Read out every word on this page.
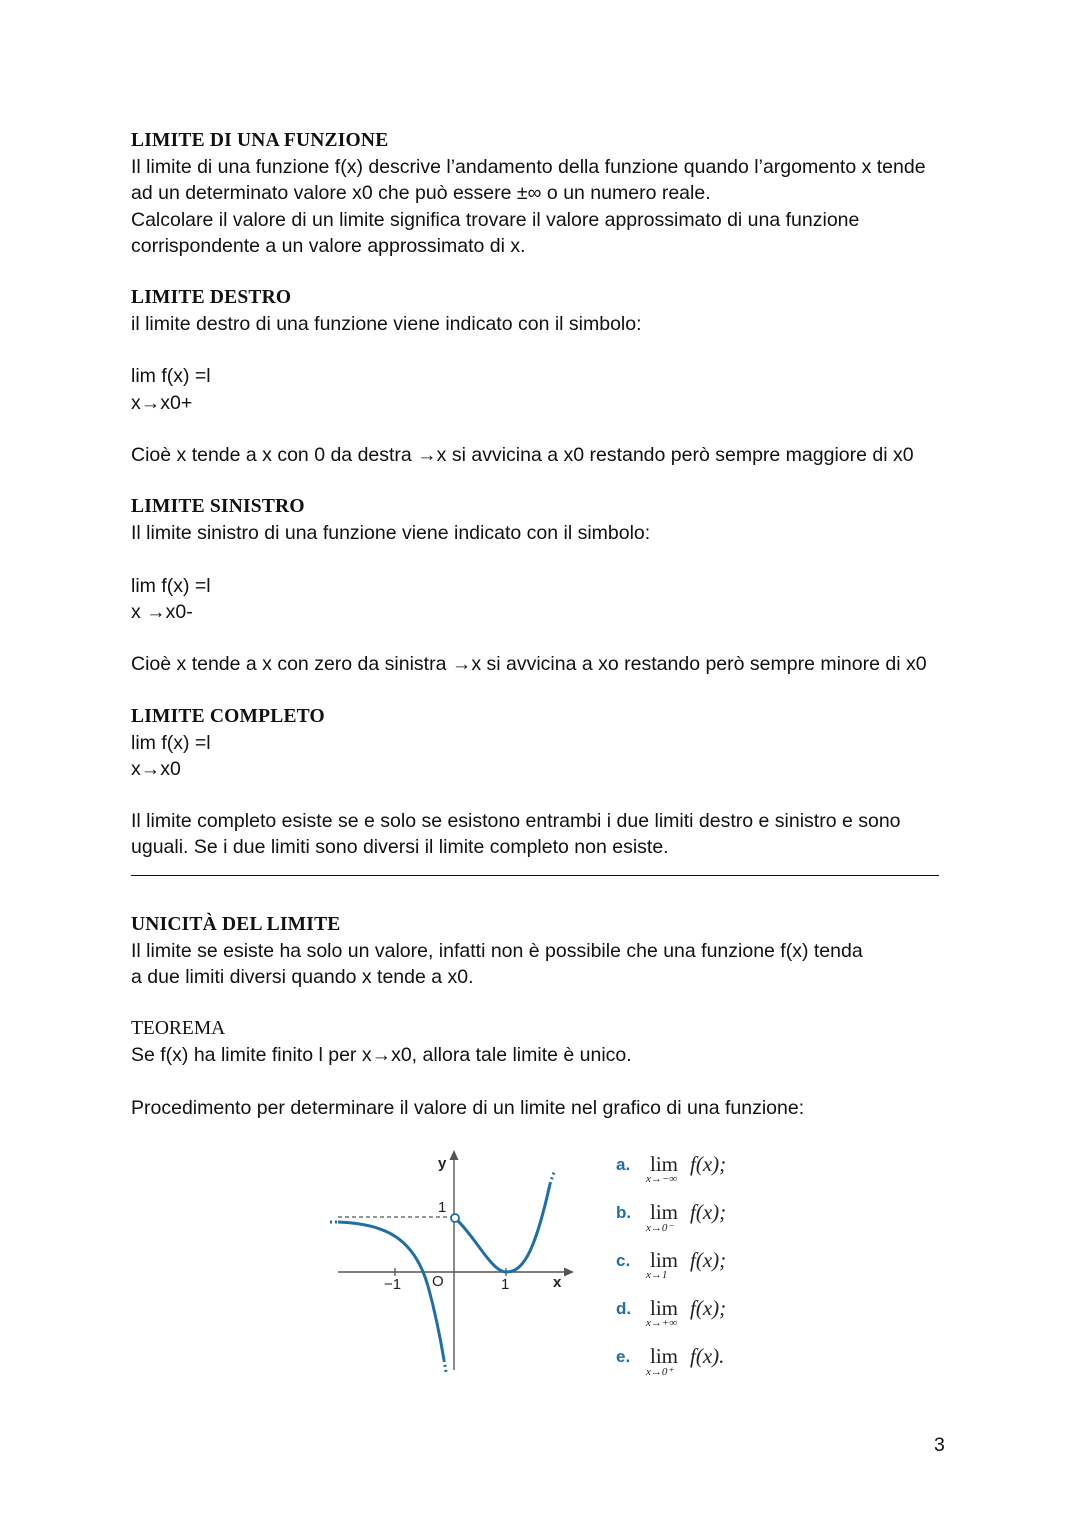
LIMITE DI UNA FUNZIONE

Il limite di una funzione f(x) descrive l’andamento della funzione quando l’argomento x tende

ad un determinato valore x0 che può essere ±∞ o un numero reale.

Calcolare il valore di un limite significa trovare il valore approssimato di una funzione

corrispondente a un valore approssimato di x.

LIMITE DESTRO

il limite destro di una funzione viene indicato con il simbolo:

lim f(x) =l

x→x0+

Cioè x tende a x con 0 da destra →x si avvicina a x0 restando però sempre maggiore di x0

LIMITE SINISTRO

Il limite sinistro di una funzione viene indicato con il simbolo:

lim f(x) =l

x →x0-

Cioè x tende a x con zero da sinistra →x si avvicina a xo restando però sempre minore di x0

LIMITE COMPLETO

lim f(x) =l

x→x0

Il limite completo esiste se e solo se esistono entrambi i due limiti destro e sinistro e sono

uguali. Se i due limiti sono diversi il limite completo non esiste.

UNICITÀ DEL LIMITE

Il limite se esiste ha solo un valore, infatti non è possibile che una funzione f(x) tenda

a due limiti diversi quando x tende a x0.

TEOREMA

Se f(x) ha limite finito l per x→x0, allora tale limite è unico.

Procedimento per determinare il valore di un limite nel grafico di una funzione:

y
1
−1 O	1	x
a. lim
x→−∞
f(x);
b. lim
x→0⁻
f(x);
c. lim
x→1
f(x);
d. lim
x→+∞
f(x);
e. lim
x→0⁺
f(x).
3
